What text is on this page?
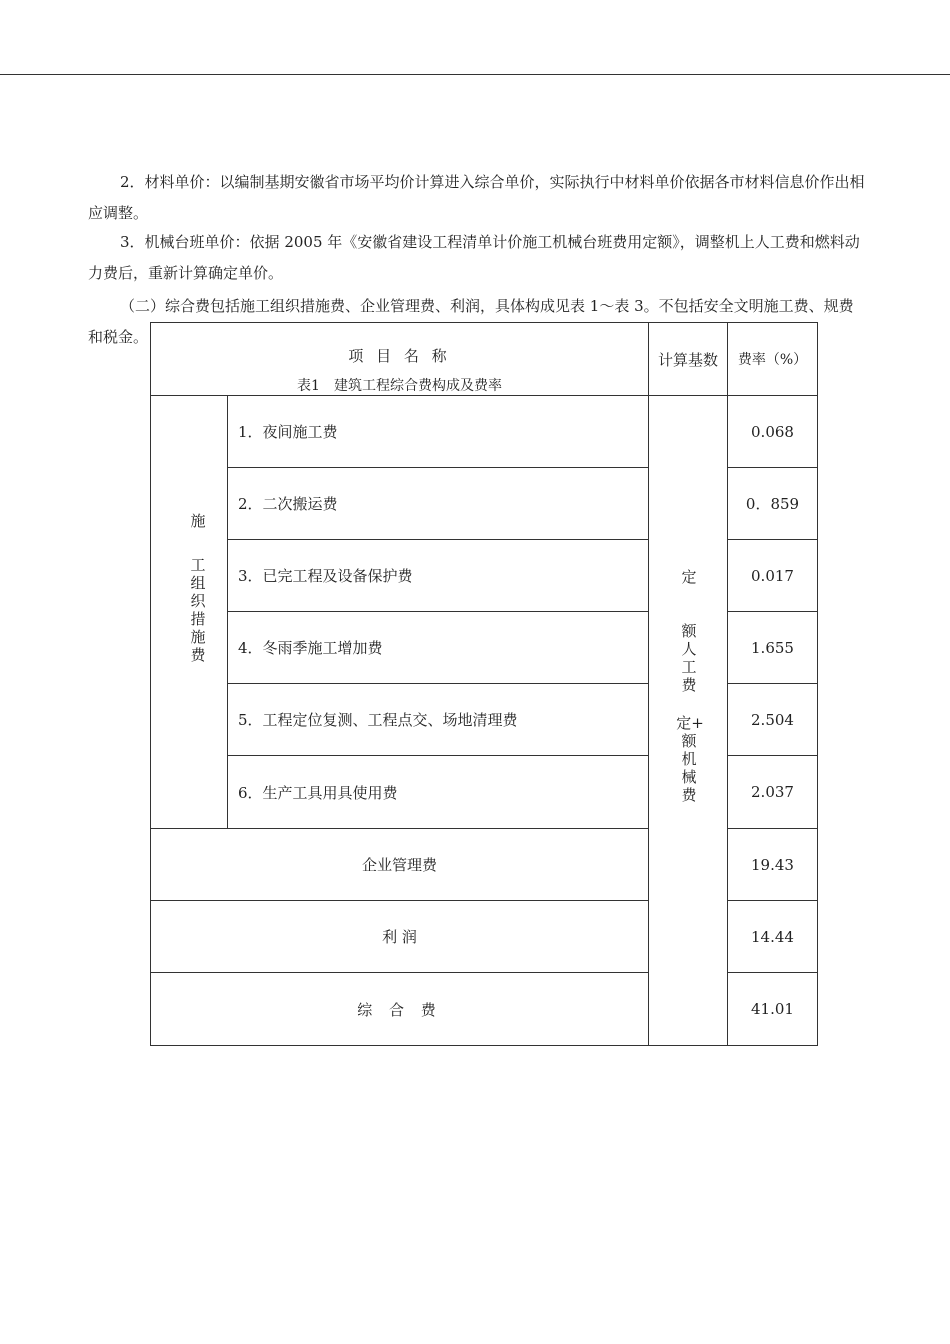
2．材料单价：以编制基期安徽省市场平均价计算进入综合单价，实际执行中材料单价依据各市材料信息价作出相应调整。

3．机械台班单价：依据 2005 年《安徽省建设工程清单计价施工机械台班费用定额》，调整机上人工费和燃料动力费后，重新计算确定单价。

（二）综合费包括施工组织措施费、企业管理费、利润，具体构成见表 1～表 3。不包括安全文明施工费、规费和税金。

项 目 名 称
表1　建筑工程综合费构成及费率
计算基数	费率（%）
施
工
组
织
措
施
费
1．夜间施工费
2．二次搬运费
3．已完工程及设备保护费
4．冬雨季施工增加费
5．工程定位复测、工程点交、场地清理费
6．生产工具用具使用费
企业管理费
利 润
综 合 费
定
额
人
工
费
定+
额
机
械
费
0.068
0．859
0.017
1.655
2.504
2.037
19.43
14.44
41.01
